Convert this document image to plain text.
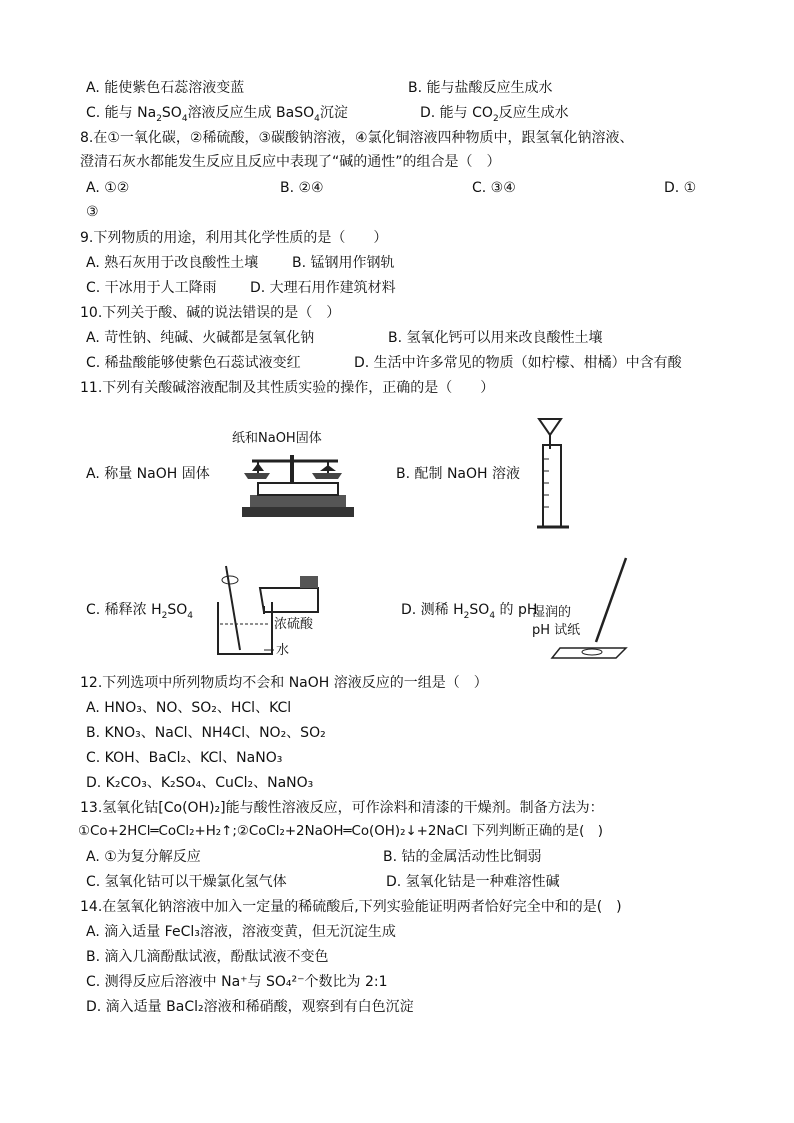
A. 能使紫色石蕊溶液变蓝	B. 能与盐酸反应生成水
C. 能与 $Na_2SO_4$溶液反应生成 BaSO$_4$沉淀	D. 能与 $CO_2$反应生成水
8.在①一氧化碳，②稀硫酸，③碳酸钠溶液，④氯化铜溶液四种物质中，跟氢氧化钠溶液、
澄清石灰水都能发生反应且反应中表现了“碱的通性”的组合是（　）
A. ①②	B. ②④	C. ③④	D. ①
③
9.下列物质的用途，利用其化学性质的是（　　）
A. 熟石灰用于改良酸性土壤 B. 锰钢用作钢轨
C. 干冰用于人工降雨 D. 大理石用作建筑材料
10.下列关于酸、碱的说法错误的是（　）
A. 苛性钠、纯碱、火碱都是氢氧化钠	B. 氢氧化钙可以用来改良酸性土壤
C. 稀盐酸能够使紫色石蕊试液变红	D. 生活中许多常见的物质（如柠檬、柑橘）中含有酸
11.下列有关酸碱溶液配制及其性质实验的操作，正确的是（　　）
A. 称量 NaOH 固体	B. 配制 NaOH 溶液
C. 稀释浓 $H_2SO_4$	D. 测稀 $H_2SO_4$ 的 pH
纸和NaOH固体
浓硫酸
水
湿润的
pH 试纸
12.下列选项中所列物质均不会和 NaOH 溶液反应的一组是（　）
A. HNO₃、NO、SO₂、HCl、KCl
B. KNO₃、NaCl、NH4Cl、NO₂、SO₂
C. KOH、BaCl₂、KCl、NaNO₃
D. K₂CO₃、K₂SO₄、CuCl₂、NaNO₃
13.氢氧化钴[Co(OH)₂]能与酸性溶液反应，可作涂料和清漆的干燥剂。制备方法为：
①Co+2HCl═CoCl₂+H₂↑;②CoCl₂+2NaOH═Co(OH)₂↓+2NaCl 下列判断正确的是(　)
A. ①为复分解反应	B. 钴的金属活动性比铜弱
C. 氢氧化钴可以干燥氯化氢气体	D. 氢氧化钴是一种难溶性碱
14.在氢氧化钠溶液中加入一定量的稀硫酸后,下列实验能证明两者恰好完全中和的是(　)
A. 滴入适量 FeCl₃溶液，溶液变黄，但无沉淀生成
B. 滴入几滴酚酞试液，酚酞试液不变色
C. 测得反应后溶液中 Na⁺与 SO₄²⁻个数比为 2:1
D. 滴入适量 BaCl₂溶液和稀硝酸，观察到有白色沉淀
